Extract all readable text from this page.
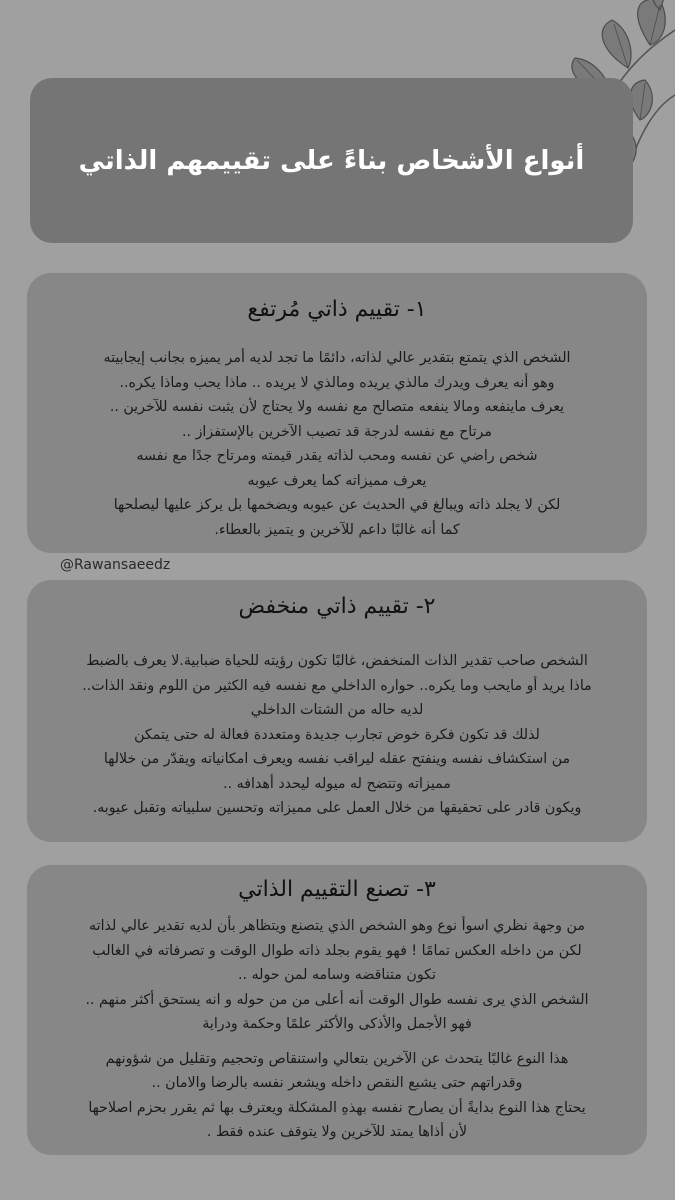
أنواع الأشخاص بناءً على تقييمهم الذاتي
١- تقييم ذاتي مُرتفع

الشخص الذي يتمتع بتقدير عالي لذاته، دائمًا ما تجد لديه أمر يميزه بجانب إيجابيته

وهو أنه يعرف ويدرك مالذي يريده ومالذي لا يريده .. ماذا يحب وماذا يكره..

يعرف ماينفعه ومالا ينفعه متصالح مع نفسه ولا يحتاج لأن يثبت نفسه للآخرين ..

مرتاح مع نفسه لدرجة قد تصيب الآخرين بالإستفزاز ..

شخص راضي عن نفسه ومحب لذاته يقدر قيمته ومرتاح جدًا مع نفسه

يعرف مميزاته كما يعرف عيوبه

لكن لا يجلد ذاته ويبالغ في الحديث عن عيوبه ويضخمها بل يركز عليها ليصلحها

كما أنه غالبًا داعم للآخرين و يتميز بالعطاء.

@Rawansaeedz
٢- تقييم ذاتي منخفض

الشخص صاحب تقدير الذات المنخفض، غالبًا تكون رؤيته للحياة ضبابية.لا يعرف بالضبط

ماذا يريد أو مايحب وما يكره.. حواره الداخلي مع نفسه فيه الكثير من اللوم ونقد الذات..

لديه حاله من الشتات الداخلي

لذلك قد تكون فكرة خوض تجارب جديدة ومتعددة فعالة له حتى يتمكن

من استكشاف نفسه وينفتح عقله ليراقب نفسه ويعرف امكانياته ويقدّر من خلالها

مميزاته وتتضح له ميوله ليحدد أهدافه ..

ويكون قادر على تحقيقها من خلال العمل على مميزاته وتحسين سلبياته وتقبل عيوبه.

٣- تصنع التقييم الذاتي

من وجهة نظري اسوأ نوع وهو الشخص الذي يتصنع ويتظاهر بأن لديه تقدير عالي لذاته

لكن من داخله العكس تمامًا ! فهو يقوم بجلد ذاته طوال الوقت و تصرفاته في الغالب

تكون متناقضه وسامه لمن حوله ..

الشخص الذي يرى نفسه طوال الوقت أنه أعلى من من حوله و انه يستحق أكثر منهم ..

فهو الأجمل والأذكى والأكثر علمًا وحكمة ودراية

هذا النوع غالبًا يتحدث عن الآخرين بتعالي واستنقاص وتحجيم وتقليل من شؤونهم

وقدراتهم حتى يشبع النقص داخله ويشعر نفسه بالرضا والامان ..

يحتاج هذا النوع بدايةً أن يصارح نفسه بهذهِ المشكلة ويعترف بها ثم يقرر بحزم اصلاحها

لأن أذاها يمتد للآخرين ولا يتوقف عنده فقط .
